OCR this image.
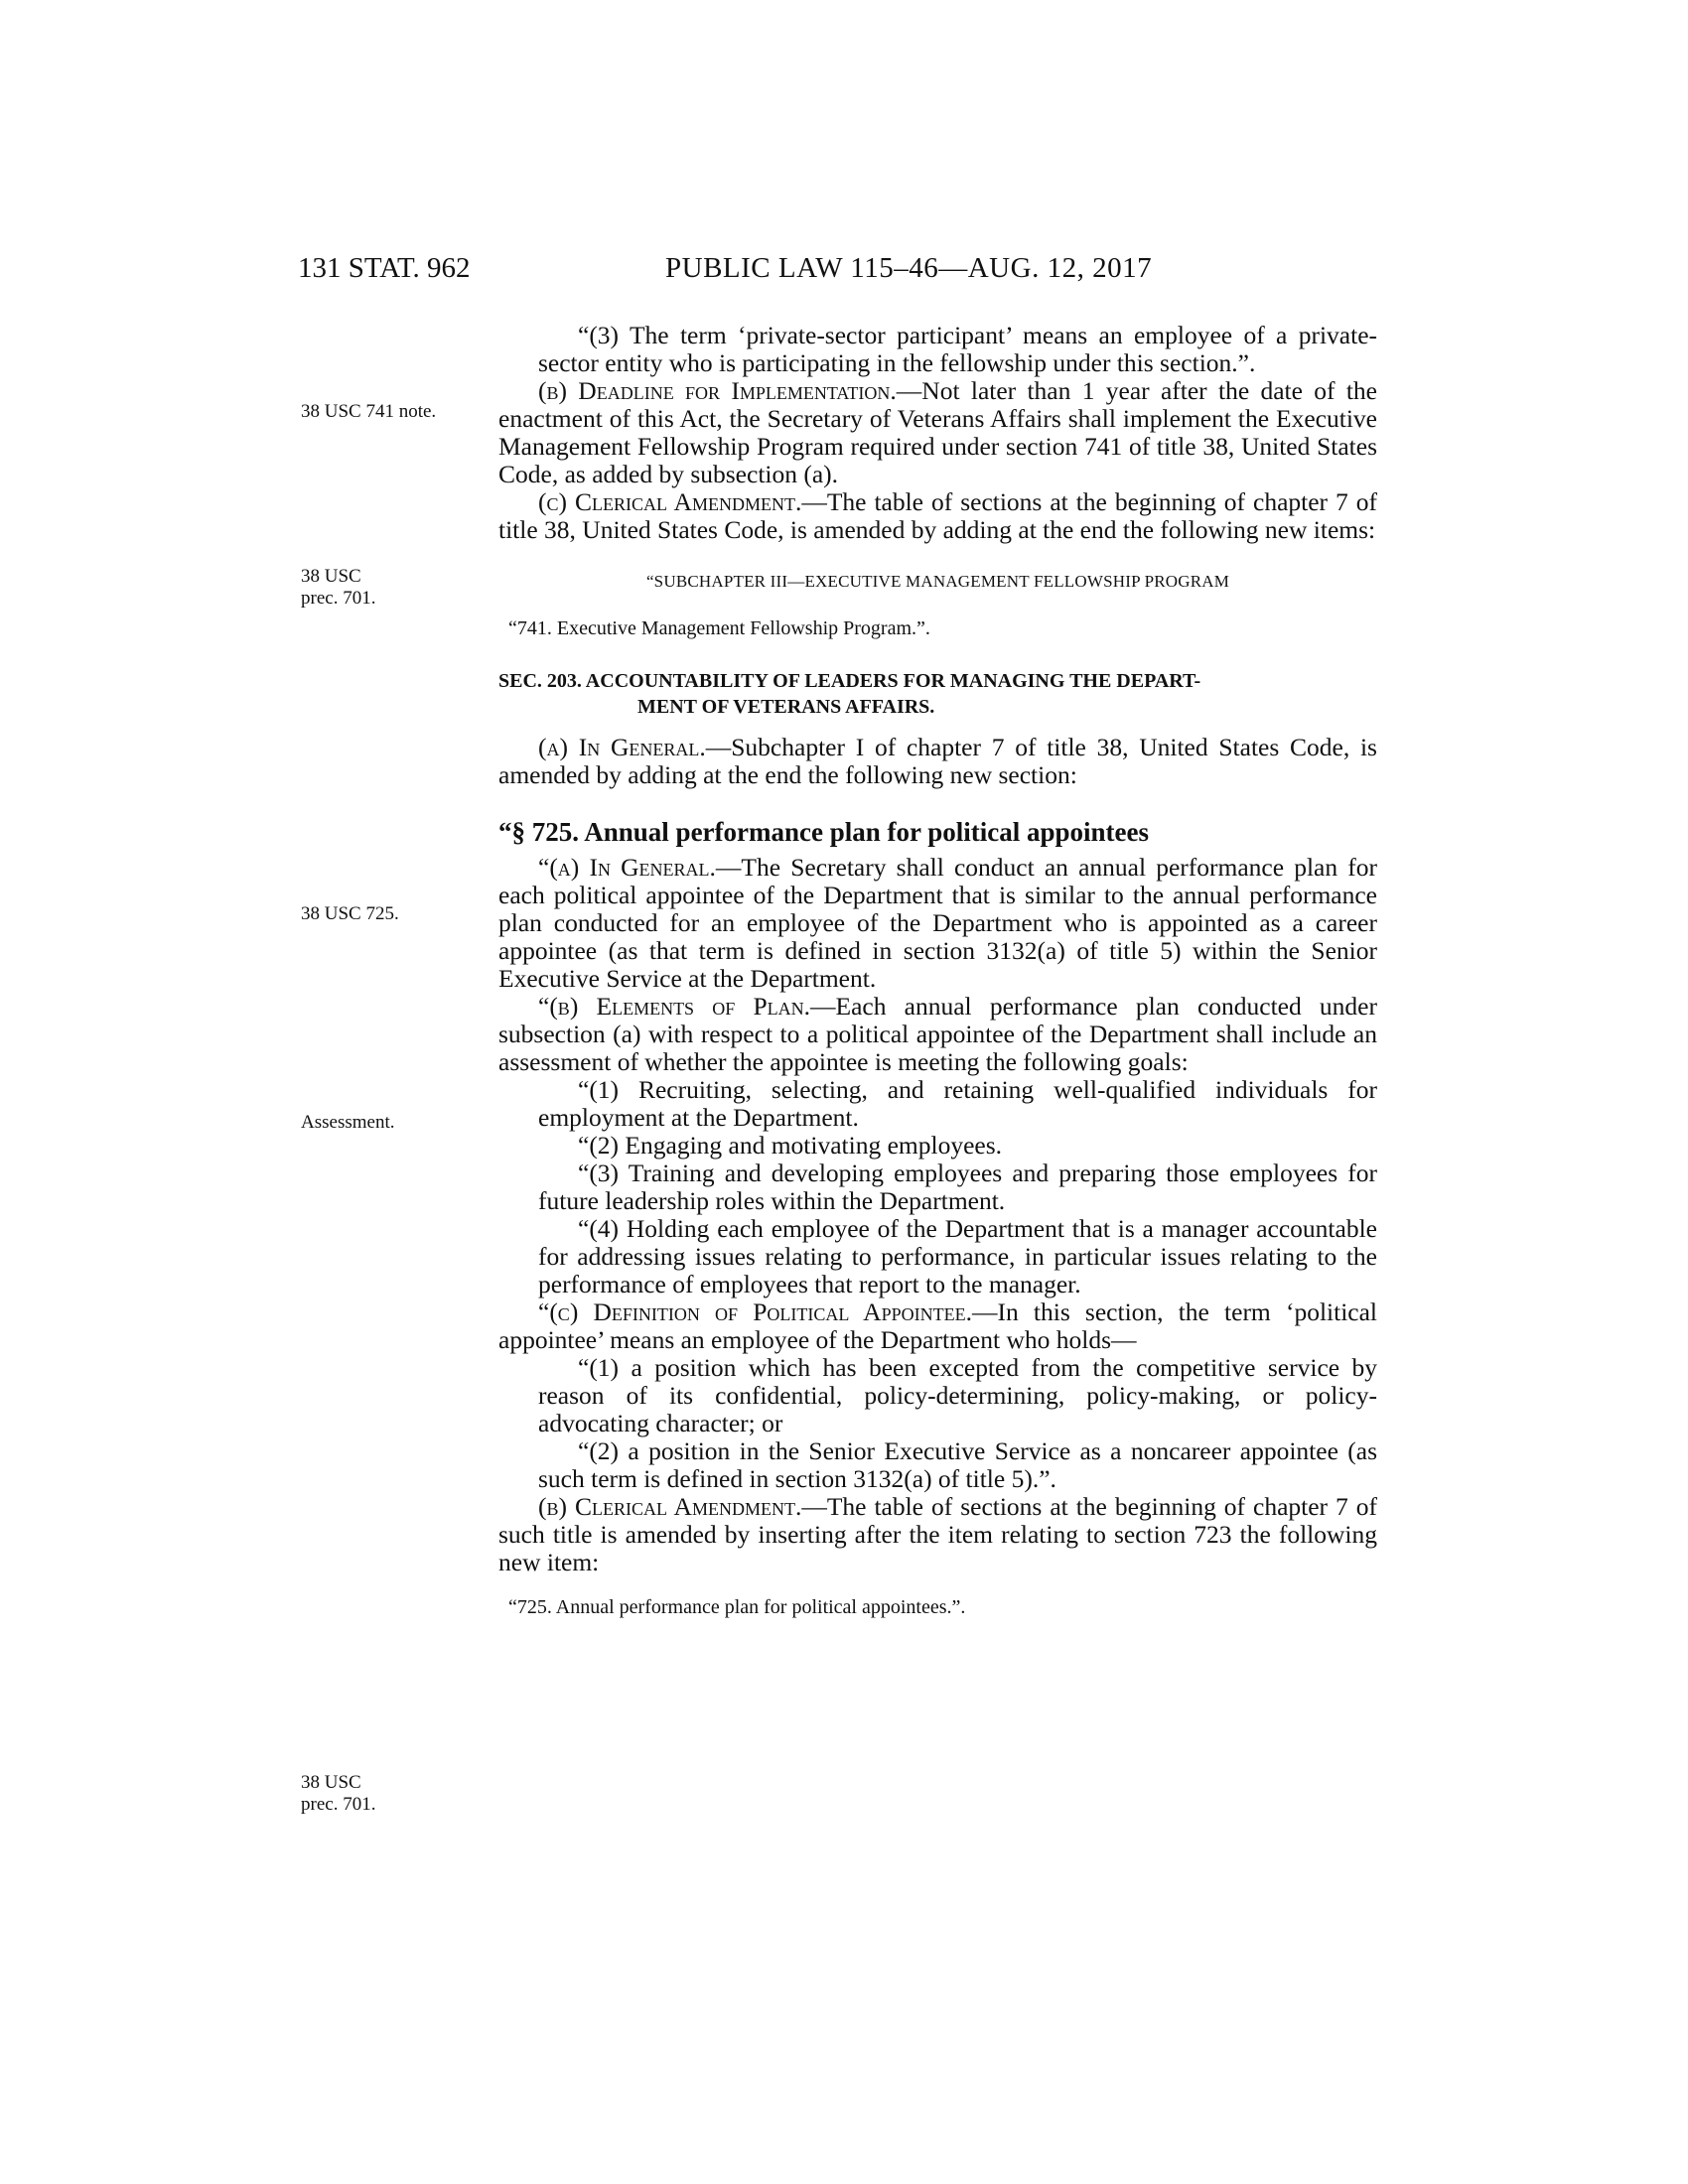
131 STAT. 962	PUBLIC LAW 115–46—AUG. 12, 2017
38 USC 741 note.
38 USC
prec. 701.
38 USC 725.
Assessment.
38 USC
prec. 701.

“(3) The term ‘private-sector participant’ means an employee of a private-sector entity who is participating in the fellowship under this section.”.

(b) Deadline for Implementation.—Not later than 1 year after the date of the enactment of this Act, the Secretary of Veterans Affairs shall implement the Executive Management Fellowship Program required under section 741 of title 38, United States Code, as added by subsection (a).

(c) Clerical Amendment.—The table of sections at the beginning of chapter 7 of title 38, United States Code, is amended by adding at the end the following new items:

“SUBCHAPTER III—EXECUTIVE MANAGEMENT FELLOWSHIP PROGRAM

“741. Executive Management Fellowship Program.”.

SEC. 203. ACCOUNTABILITY OF LEADERS FOR MANAGING THE DEPART-
MENT OF VETERANS AFFAIRS.

(a) In General.—Subchapter I of chapter 7 of title 38, United States Code, is amended by adding at the end the following new section:

“§ 725. Annual performance plan for political appointees

“(a) In General.—The Secretary shall conduct an annual performance plan for each political appointee of the Department that is similar to the annual performance plan conducted for an employee of the Department who is appointed as a career appointee (as that term is defined in section 3132(a) of title 5) within the Senior Executive Service at the Department.

“(b) Elements of Plan.—Each annual performance plan conducted under subsection (a) with respect to a political appointee of the Department shall include an assessment of whether the appointee is meeting the following goals:

“(1) Recruiting, selecting, and retaining well-qualified individuals for employment at the Department.

“(2) Engaging and motivating employees.

“(3) Training and developing employees and preparing those employees for future leadership roles within the Department.

“(4) Holding each employee of the Department that is a manager accountable for addressing issues relating to performance, in particular issues relating to the performance of employees that report to the manager.

“(c) Definition of Political Appointee.—In this section, the term ‘political appointee’ means an employee of the Department who holds—

“(1) a position which has been excepted from the competitive service by reason of its confidential, policy-determining, policy-making, or policy-advocating character; or

“(2) a position in the Senior Executive Service as a noncareer appointee (as such term is defined in section 3132(a) of title 5).”.

(b) Clerical Amendment.—The table of sections at the beginning of chapter 7 of such title is amended by inserting after the item relating to section 723 the following new item:

“725. Annual performance plan for political appointees.”.
